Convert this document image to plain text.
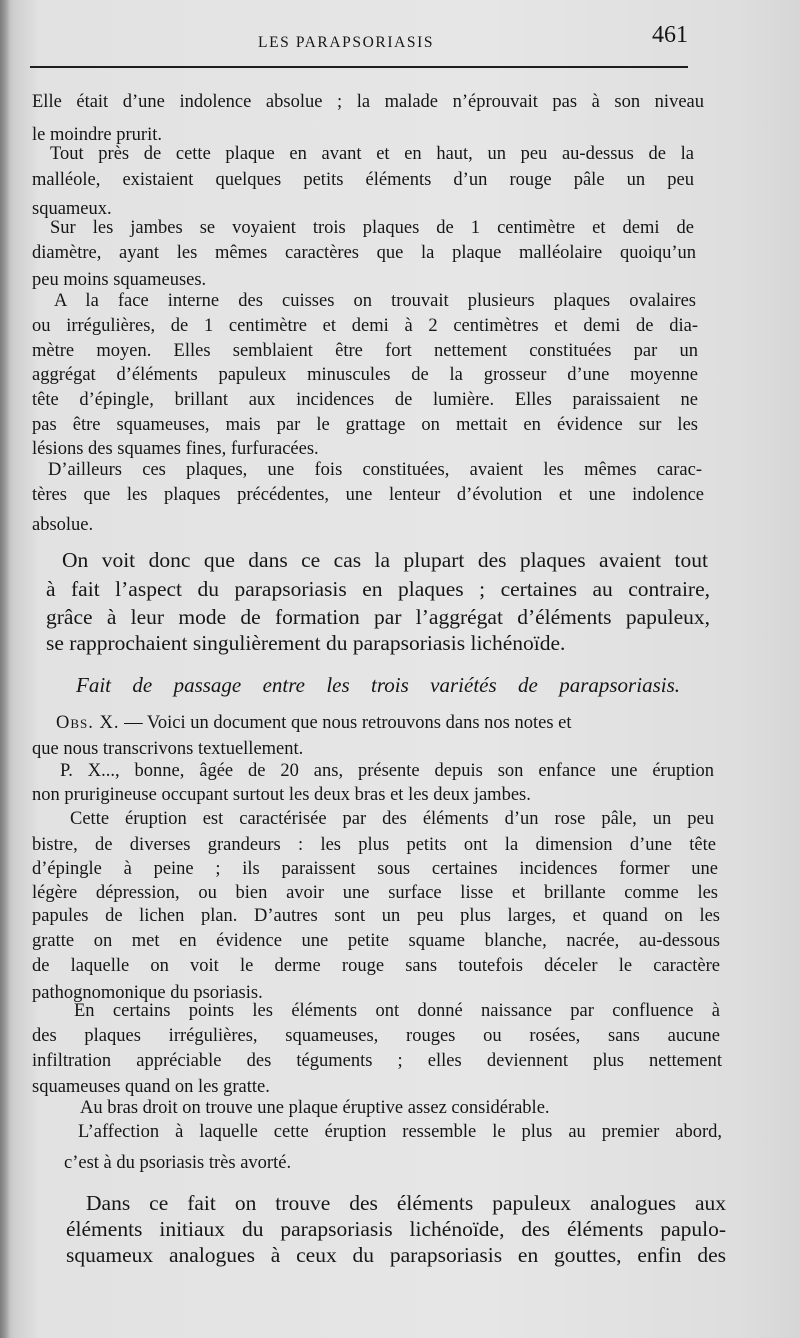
LES PARAPSORIASIS	461
Elle était d’une indolence absolue ; la malade n’éprouvait pas à son niveau
le moindre prurit.
Tout près de cette plaque en avant et en haut, un peu au-dessus de la
malléole, existaient quelques petits éléments d’un rouge pâle un peu
squameux.
Sur les jambes se voyaient trois plaques de 1 centimètre et demi de
diamètre, ayant les mêmes caractères que la plaque malléolaire quoiqu’un
peu moins squameuses.
A la face interne des cuisses on trouvait plusieurs plaques ovalaires
ou irrégulières, de 1 centimètre et demi à 2 centimètres et demi de dia-
mètre moyen. Elles semblaient être fort nettement constituées par un
aggrégat d’éléments papuleux minuscules de la grosseur d’une moyenne
tête d’épingle, brillant aux incidences de lumière. Elles paraissaient ne
pas être squameuses, mais par le grattage on mettait en évidence sur les
lésions des squames fines, furfuracées.
D’ailleurs ces plaques, une fois constituées, avaient les mêmes carac-
tères que les plaques précédentes, une lenteur d’évolution et une indolence
absolue.
On voit donc que dans ce cas la plupart des plaques avaient tout
à fait l’aspect du parapsoriasis en plaques ; certaines au contraire,
grâce à leur mode de formation par l’aggrégat d’éléments papuleux,
se rapprochaient singulièrement du parapsoriasis lichénoïde.
Fait de passage entre les trois variétés de parapsoriasis.
Obs. X. — Voici un document que nous retrouvons dans nos notes et
que nous transcrivons textuellement.
P. X..., bonne, âgée de 20 ans, présente depuis son enfance une éruption
non prurigineuse occupant surtout les deux bras et les deux jambes.
Cette éruption est caractérisée par des éléments d’un rose pâle, un peu
bistre, de diverses grandeurs : les plus petits ont la dimension d’une tête
d’épingle à peine ; ils paraissent sous certaines incidences former une
légère dépression, ou bien avoir une surface lisse et brillante comme les
papules de lichen plan. D’autres sont un peu plus larges, et quand on les
gratte on met en évidence une petite squame blanche, nacrée, au-dessous
de laquelle on voit le derme rouge sans toutefois déceler le caractère
pathognomonique du psoriasis.
En certains points les éléments ont donné naissance par confluence à
des plaques irrégulières, squameuses, rouges ou rosées, sans aucune
infiltration appréciable des téguments ; elles deviennent plus nettement
squameuses quand on les gratte.
Au bras droit on trouve une plaque éruptive assez considérable.
L’affection à laquelle cette éruption ressemble le plus au premier abord,
c’est à du psoriasis très avorté.
Dans ce fait on trouve des éléments papuleux analogues aux
éléments initiaux du parapsoriasis lichénoïde, des éléments papulo-
squameux analogues à ceux du parapsoriasis en gouttes, enfin des
